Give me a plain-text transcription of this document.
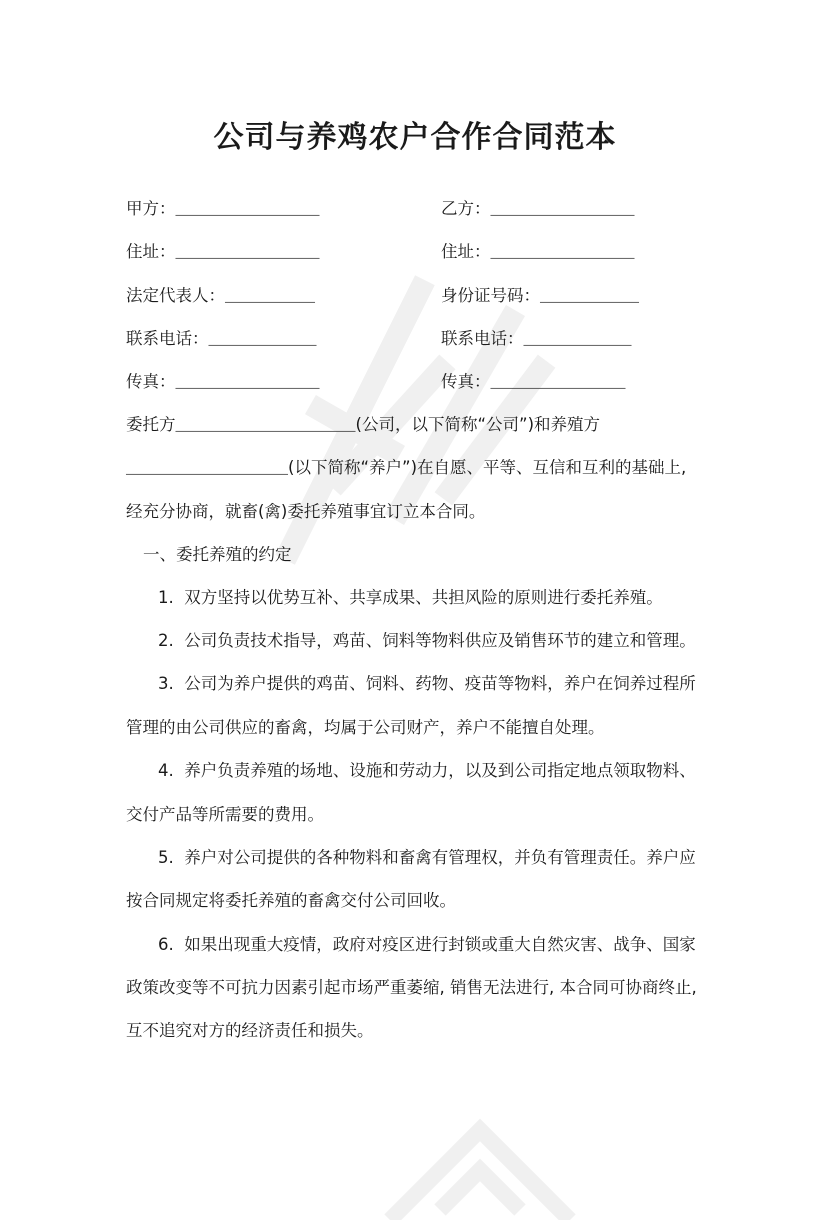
公司与养鸡农户合作合同范本
甲方：________________
住址：________________
法定代表人：__________
联系电话：____________
传真：________________
乙方：________________
住址：________________
身份证号码：___________
联系电话：____________
传真：_______________
委托方____________________(公司，以下简称“公司”)和养殖方
__________________(以下简称“养户”)在自愿、平等、互信和互利的基础上,
经充分协商，就畜(禽)委托养殖事宜订立本合同。
一、委托养殖的约定
1.  双方坚持以优势互补、共享成果、共担风险的原则进行委托养殖。
2.  公司负责技术指导，鸡苗、饲料等物料供应及销售环节的建立和管理。
3.  公司为养户提供的鸡苗、饲料、药物、疫苗等物料，养户在饲养过程所
管理的由公司供应的畜禽，均属于公司财产，养户不能擅自处理。
4.  养户负责养殖的场地、设施和劳动力，以及到公司指定地点领取物料、
交付产品等所需要的费用。
5.  养户对公司提供的各种物料和畜禽有管理权，并负有管理责任。养户应
按合同规定将委托养殖的畜禽交付公司回收。
6.  如果出现重大疫情，政府对疫区进行封锁或重大自然灾害、战争、国家
政策改变等不可抗力因素引起市场严重萎缩, 销售无法进行, 本合同可协商终止,
互不追究对方的经济责任和损失。
